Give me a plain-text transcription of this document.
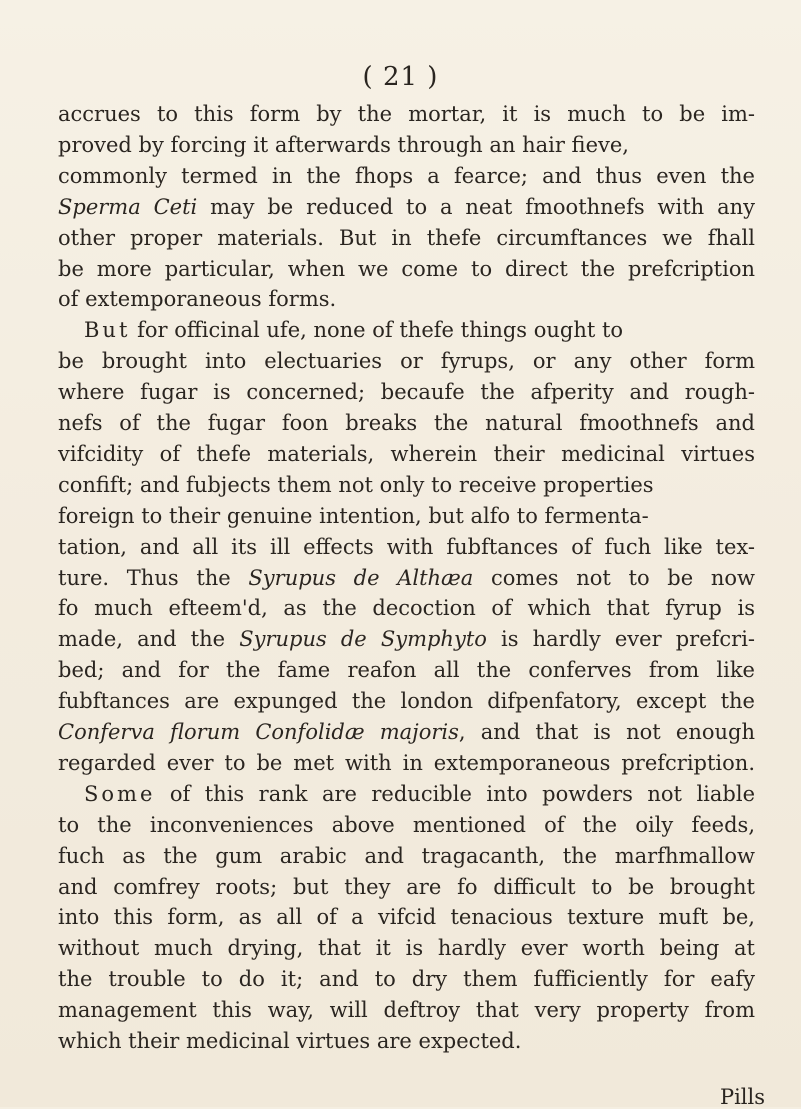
( 21 )
accrues to this form by the mortar, it is much to be im-
proved by forcing it afterwards through an hair fieve,
commonly termed in the fhops a fearce; and thus even the
Sperma Ceti may be reduced to a neat fmoothnefs with any
other proper materials. But in thefe circumftances we fhall
be more particular, when we come to direct the prefcription
of extemporaneous forms.
But for officinal ufe, none of thefe things ought to
be brought into electuaries or fyrups, or any other form
where fugar is concerned; becaufe the afperity and rough-
nefs of the fugar foon breaks the natural fmoothnefs and
vifcidity of thefe materials, wherein their medicinal virtues
confift; and fubjects them not only to receive properties
foreign to their genuine intention, but alfo to fermenta-
tation, and all its ill effects with fubftances of fuch like tex-
ture. Thus the Syrupus de Althæa comes not to be now
fo much efteem'd, as the decoction of which that fyrup is
made, and the Syrupus de Symphyto is hardly ever prefcri-
bed; and for the fame reafon all the conferves from like
fubftances are expunged the london difpenfatory, except the
Conferva florum Confolidæ majoris, and that is not enough
regarded ever to be met with in extemporaneous prefcription.
Some of this rank are reducible into powders not liable
to the inconveniences above mentioned of the oily feeds,
fuch as the gum arabic and tragacanth, the marfhmallow
and comfrey roots; but they are fo difficult to be brought
into this form, as all of a vifcid tenacious texture muft be,
without much drying, that it is hardly ever worth being at
the trouble to do it; and to dry them fufficiently for eafy
management this way, will deftroy that very property from
which their medicinal virtues are expected.
Pills
